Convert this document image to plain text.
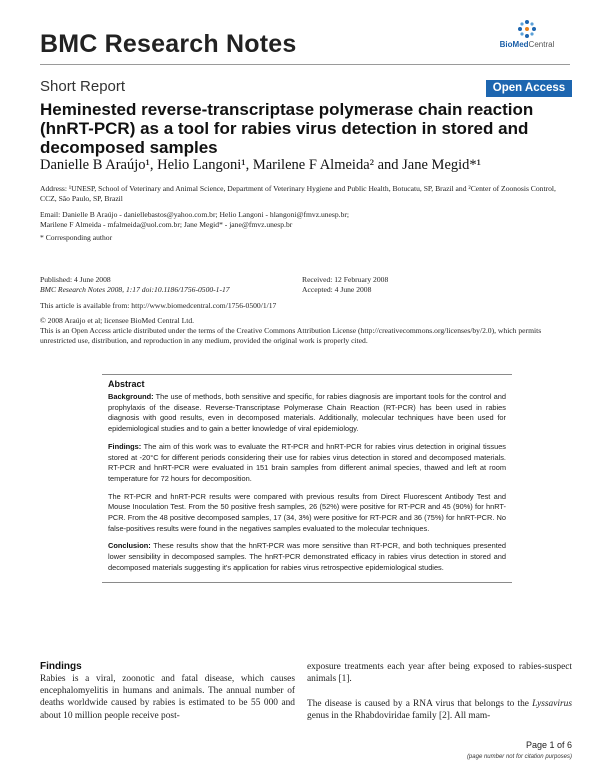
BMC Research Notes	BioMedCentral
Short Report	Open Access
Heminested reverse-transcriptase polymerase chain reaction (hnRT-PCR) as a tool for rabies virus detection in stored and decomposed samples
Danielle B Araújo¹, Helio Langoni¹, Marilene F Almeida² and Jane Megid*¹
Address: ¹UNESP, School of Veterinary and Animal Science, Department of Veterinary Hygiene and Public Health, Botucatu, SP, Brazil and ²Center of Zoonosis Control, CCZ, São Paulo, SP, Brazil
Email: Danielle B Araújo - daniellebastos@yahoo.com.br; Helio Langoni - hlangoni@fmvz.unesp.br;
Marilene F Almeida - mfalmeida@uol.com.br; Jane Megid* - jane@fmvz.unesp.br
* Corresponding author
Published: 4 June 2008
BMC Research Notes 2008, 1:17 doi:10.1186/1756-0500-1-17
Received: 12 February 2008
Accepted: 4 June 2008
This article is available from: http://www.biomedcentral.com/1756-0500/1/17
© 2008 Araújo et al; licensee BioMed Central Ltd.
This is an Open Access article distributed under the terms of the Creative Commons Attribution License (http://creativecommons.org/licenses/by/2.0), which permits unrestricted use, distribution, and reproduction in any medium, provided the original work is properly cited.
Abstract

Background: The use of methods, both sensitive and specific, for rabies diagnosis are important tools for the control and prophylaxis of the disease. Reverse-Transcriptase Polymerase Chain Reaction (RT-PCR) has been used in rabies diagnosis with good results, even in decomposed materials. Additionally, molecular techniques have been used for epidemiological studies and to gain a better knowledge of viral epidemiology.

Findings: The aim of this work was to evaluate the RT-PCR and hnRT-PCR for rabies virus detection in original tissues stored at -20°C for different periods considering their use for rabies virus detection in stored and decomposed materials. RT-PCR and hnRT-PCR were evaluated in 151 brain samples from different animal species, thawed and left at room temperature for 72 hours for decomposition.

The RT-PCR and hnRT-PCR results were compared with previous results from Direct Fluorescent Antibody Test and Mouse Inoculation Test. From the 50 positive fresh samples, 26 (52%) were positive for RT-PCR and 45 (90%) for hnRT-PCR. From the 48 positive decomposed samples, 17 (34, 3%) were positive for RT-PCR and 36 (75%) for hnRT-PCR. No false-positives results were found in the negatives samples evaluated to the molecular techniques.

Conclusion: These results show that the hnRT-PCR was more sensitive than RT-PCR, and both techniques presented lower sensibility in decomposed samples. The hnRT-PCR demonstrated efficacy in rabies virus detection in stored and decomposed materials suggesting it's application for rabies virus retrospective epidemiological studies.

Findings
Rabies is a viral, zoonotic and fatal disease, which causes encephalomyelitis in humans and animals. The annual number of deaths worldwide caused by rabies is estimated to be 55 000 and about 10 million people receive post-
exposure treatments each year after being exposed to rabies-suspect animals [1].
The disease is caused by a RNA virus that belongs to the Lyssavirus genus in the Rhabdoviridae family [2]. All mam-
Page 1 of 6
(page number not for citation purposes)
